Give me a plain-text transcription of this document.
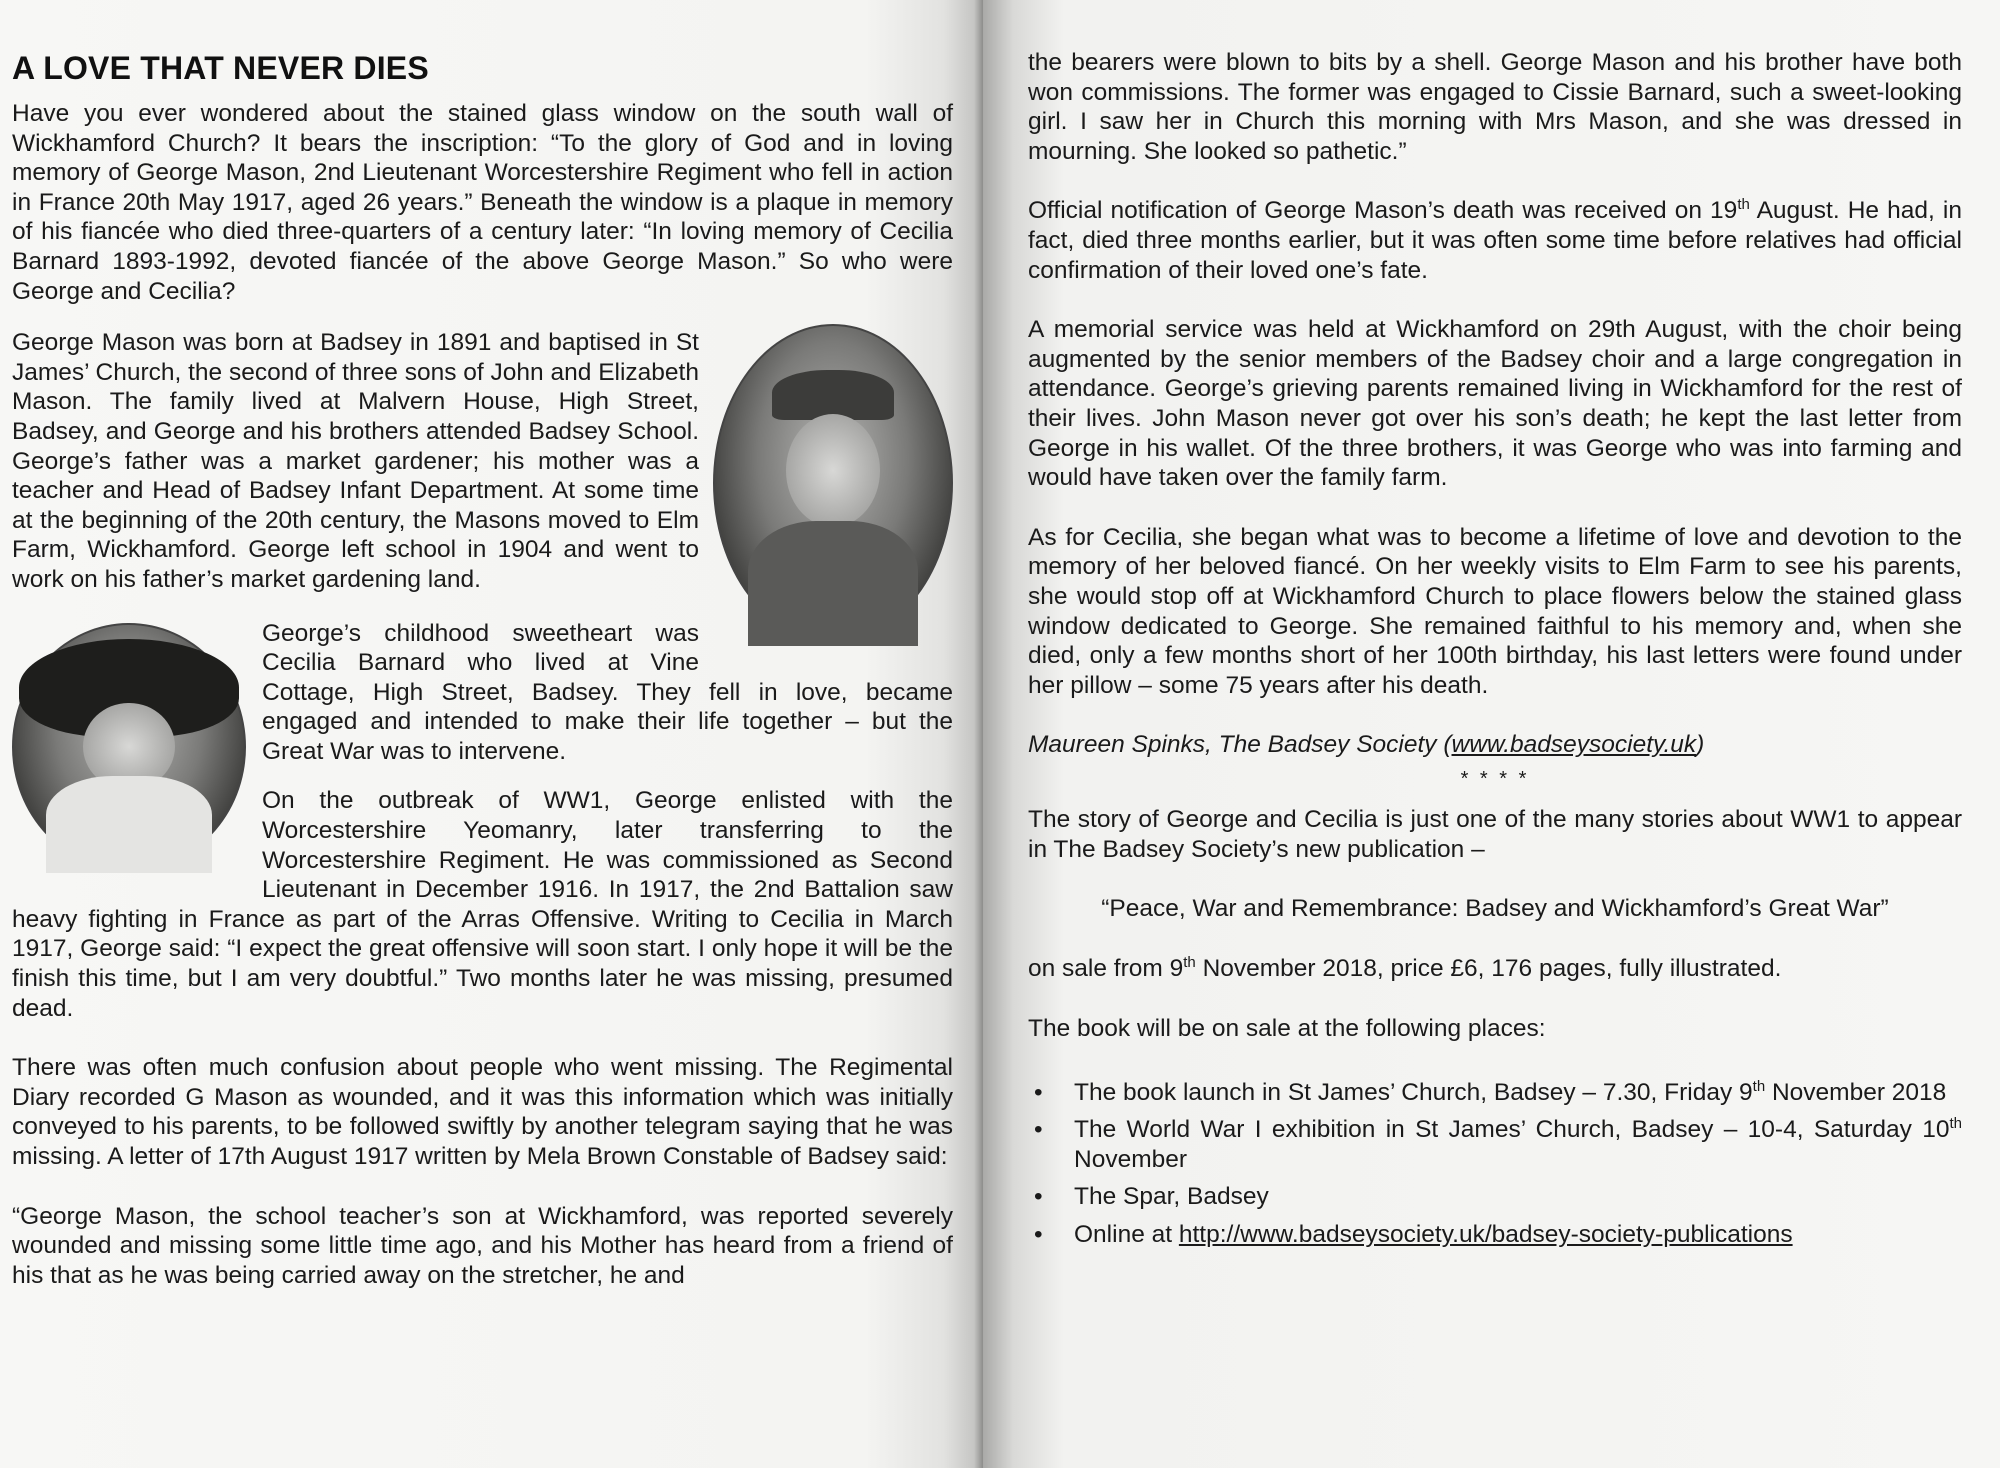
A LOVE THAT NEVER DIES

Have you ever wondered about the stained glass window on the south wall of Wickhamford Church? It bears the inscription: “To the glory of God and in loving memory of George Mason, 2nd Lieutenant Worcestershire Regiment who fell in action in France 20th May 1917, aged 26 years.” Beneath the window is a plaque in memory of his fiancée who died three-quarters of a century later: “In loving memory of Cecilia Barnard 1893-1992, devoted fiancée of the above George Mason.” So who were George and Cecilia?

George Mason was born at Badsey in 1891 and baptised in St James’ Church, the second of three sons of John and Elizabeth Mason. The family lived at Malvern House, High Street, Badsey, and George and his brothers attended Badsey School. George’s father was a market gardener; his mother was a teacher and Head of Badsey Infant Department. At some time at the beginning of the 20th century, the Masons moved to Elm Farm, Wickhamford. George left school in 1904 and went to work on his father’s market gardening land.

George’s childhood sweetheart was Cecilia Barnard who lived at Vine Cottage, High Street, Badsey. They fell in love, became engaged and intended to make their life together – but the Great War was to intervene.

On the outbreak of WW1, George enlisted with the Worcestershire Yeomanry, later transferring to the Worcestershire Regiment. He was commissioned as Second Lieutenant in December 1916. In 1917, the 2nd Battalion saw heavy fighting in France as part of the Arras Offensive. Writing to Cecilia in March 1917, George said: “I expect the great offensive will soon start. I only hope it will be the finish this time, but I am very doubtful.” Two months later he was missing, presumed dead.

There was often much confusion about people who went missing. The Regimental Diary recorded G Mason as wounded, and it was this information which was initially conveyed to his parents, to be followed swiftly by another telegram saying that he was missing. A letter of 17th August 1917 written by Mela Brown Constable of Badsey said:

“George Mason, the school teacher’s son at Wickhamford, was reported severely wounded and missing some little time ago, and his Mother has heard from a friend of his that as he was being carried away on the stretcher, he and

the bearers were blown to bits by a shell. George Mason and his brother have both won commissions. The former was engaged to Cissie Barnard, such a sweet-looking girl. I saw her in Church this morning with Mrs Mason, and she was dressed in mourning. She looked so pathetic.”

Official notification of George Mason’s death was received on 19th August. He had, in fact, died three months earlier, but it was often some time before relatives had official confirmation of their loved one’s fate.

A memorial service was held at Wickhamford on 29th August, with the choir being augmented by the senior members of the Badsey choir and a large congregation in attendance. George’s grieving parents remained living in Wickhamford for the rest of their lives. John Mason never got over his son’s death; he kept the last letter from George in his wallet. Of the three brothers, it was George who was into farming and would have taken over the family farm.

As for Cecilia, she began what was to become a lifetime of love and devotion to the memory of her beloved fiancé. On her weekly visits to Elm Farm to see his parents, she would stop off at Wickhamford Church to place flowers below the stained glass window dedicated to George. She remained faithful to his memory and, when she died, only a few months short of her 100th birthday, his last letters were found under her pillow – some 75 years after his death.

Maureen Spinks, The Badsey Society (www.badseysociety.uk)
* * * *

The story of George and Cecilia is just one of the many stories about WW1 to appear in The Badsey Society’s new publication –

“Peace, War and Remembrance: Badsey and Wickhamford’s Great War”

on sale from 9th November 2018, price £6, 176 pages, fully illustrated.

The book will be on sale at the following places:

• The book launch in St James’ Church, Badsey – 7.30, Friday 9th November 2018
• The World War I exhibition in St James’ Church, Badsey – 10-4, Saturday 10th November
• The Spar, Badsey
• Online at http://www.badseysociety.uk/badsey-society-publications
